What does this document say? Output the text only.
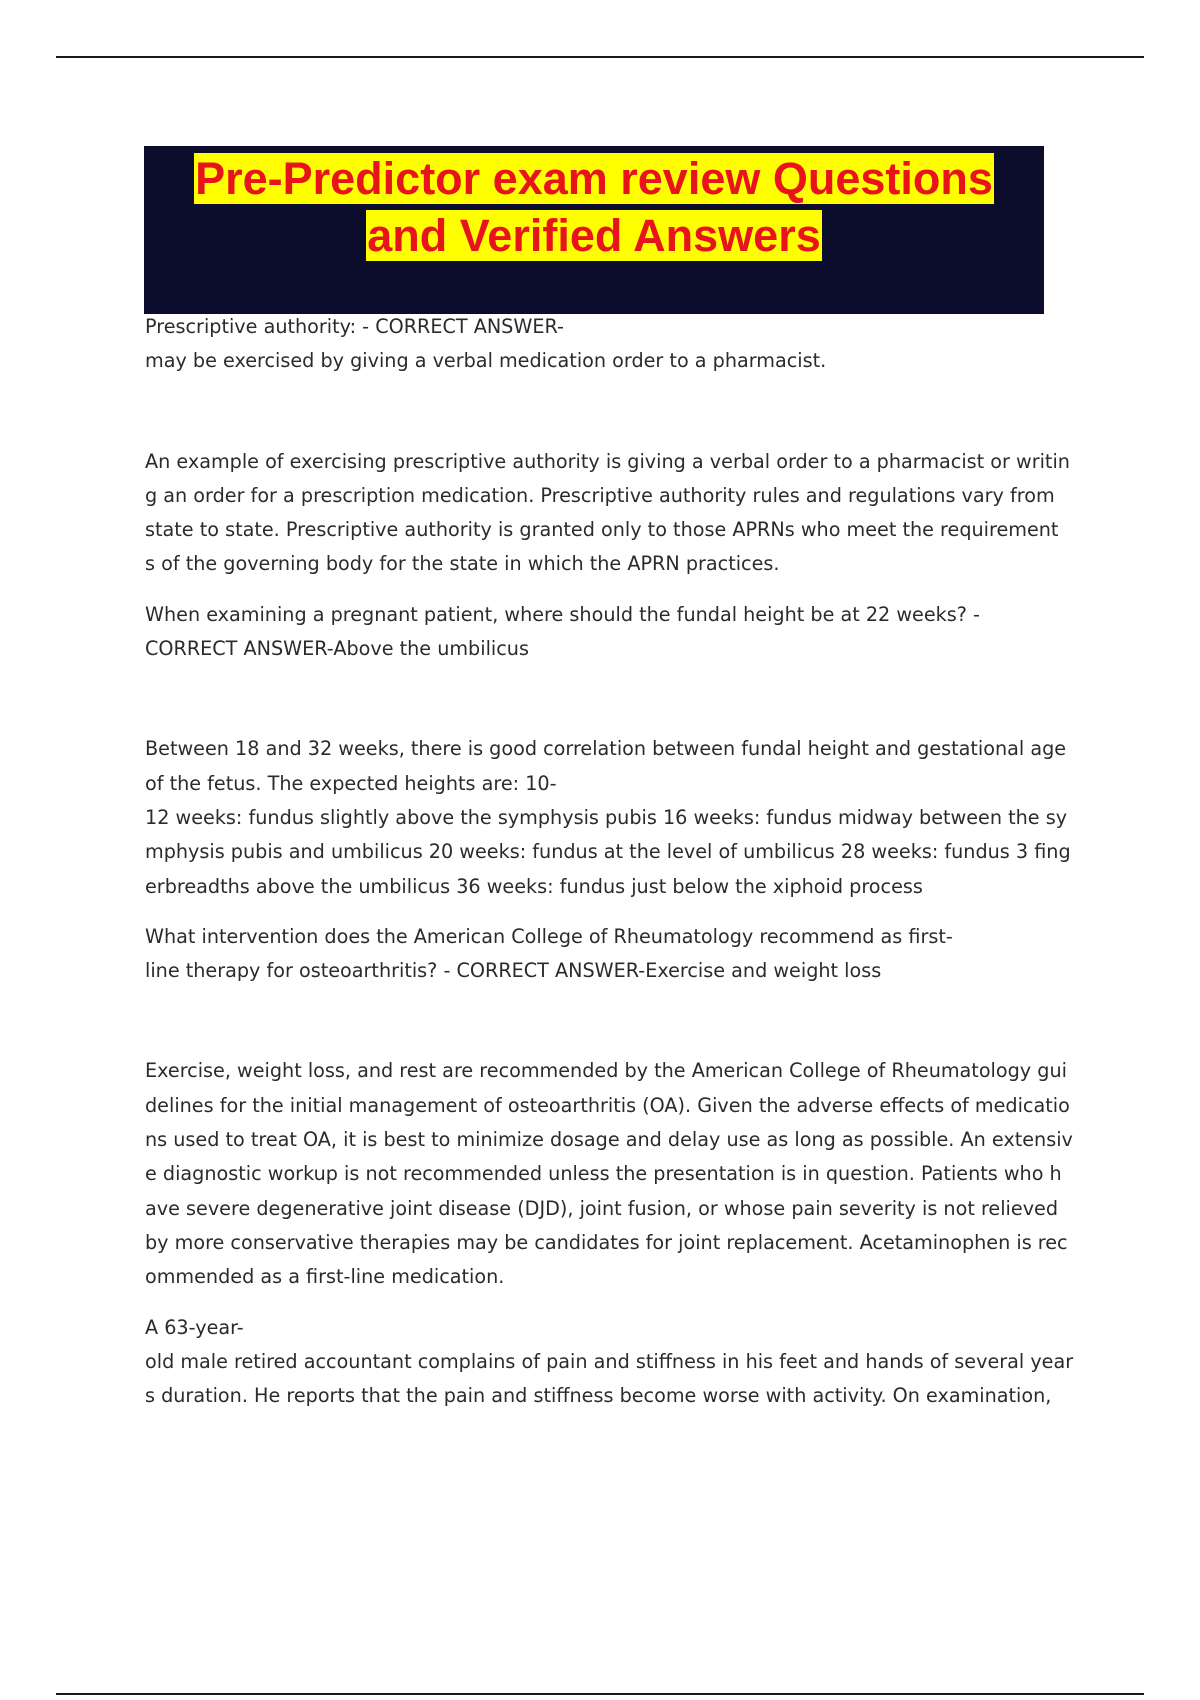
Pre-Predictor exam review Questions
and Verified Answers

Prescriptive authority: - CORRECT ANSWER-
may be exercised by giving a verbal medication order to a pharmacist.

An example of exercising prescriptive authority is giving a verbal order to a pharmacist or writin
g an order for a prescription medication. Prescriptive authority rules and regulations vary from
state to state. Prescriptive authority is granted only to those APRNs who meet the requirement
s of the governing body for the state in which the APRN practices.

When examining a pregnant patient, where should the fundal height be at 22 weeks? -
CORRECT ANSWER-Above the umbilicus

Between 18 and 32 weeks, there is good correlation between fundal height and gestational age
of the fetus. The expected heights are: 10-
12 weeks: fundus slightly above the symphysis pubis 16 weeks: fundus midway between the sy
mphysis pubis and umbilicus 20 weeks: fundus at the level of umbilicus 28 weeks: fundus 3 fing
erbreadths above the umbilicus 36 weeks: fundus just below the xiphoid process

What intervention does the American College of Rheumatology recommend as first-
line therapy for osteoarthritis? - CORRECT ANSWER-Exercise and weight loss

Exercise, weight loss, and rest are recommended by the American College of Rheumatology gui
delines for the initial management of osteoarthritis (OA). Given the adverse effects of medicatio
ns used to treat OA, it is best to minimize dosage and delay use as long as possible. An extensiv
e diagnostic workup is not recommended unless the presentation is in question. Patients who h
ave severe degenerative joint disease (DJD), joint fusion, or whose pain severity is not relieved
by more conservative therapies may be candidates for joint replacement. Acetaminophen is rec
ommended as a first-line medication.

A 63-year-
old male retired accountant complains of pain and stiffness in his feet and hands of several year
s duration. He reports that the pain and stiffness become worse with activity. On examination,
